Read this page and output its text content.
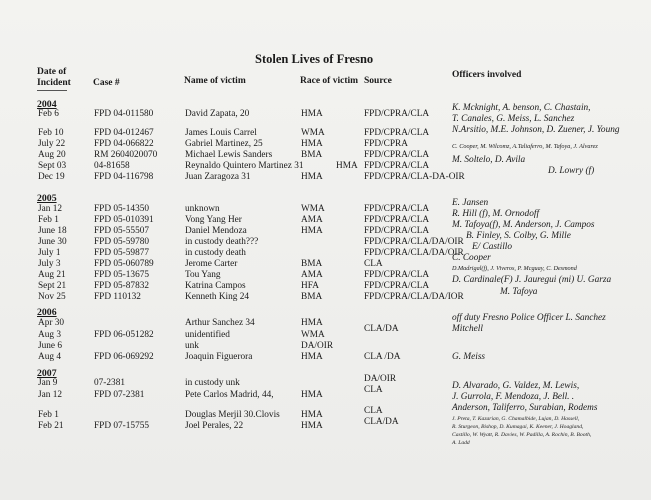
Stolen Lives of Fresno
Date of
Incident Case #	Name of victim	Race of victim Source
Officers involved
2004
2005
2006
2007
Feb 6
Feb 10
July 22
Aug 20
Sept 03
Dec 19
Jan 12
Feb 1
June 18
June 30
July 1
July 3
Aug 21
Sept 21
Nov 25
Apr 30
Aug 3
June 6
Aug 4
Jan 9
Jan 12
Feb 1
Feb 21
FPD 04-011580
FPD 04-012467
FPD 04-066822
RM 2604020070
04-81658
FPD 04-116798
FPD 05-14350
FPD 05-010391
FPD 05-55507
FPD 05-59780
FPD 05-59877
FPD 05-060789
FPD 05-13675
FPD 05-87832
FPD 110132
FPD 06-051282
FPD 06-069292
07-2381
FPD 07-2381
FPD 07-15755
David Zapata, 20
James Louis Carrel
Gabriel Martinez, 25
Michael Lewis Sanders
Reynaldo Quintero Martinez 31
Juan Zaragoza 31
unknown
Vong Yang Her
Daniel Mendoza
in custody death???
in custody death
Jerome Carter
Tou Yang
Katrina Campos
Kenneth King 24
Arthur Sanchez 34
unidentified
unk
Joaquin Figuerora
in custody unk
Pete Carlos Madrid, 44,
Douglas Merjil 30.Clovis
Joel Perales, 22
HMA
WMA
HMA
BMA
HMA
HMA
WMA
AMA
HMA
BMA
AMA
HFA
BMA
HMA
WMA
DA/OIR
HMA
HMA
HMA
HMA
FPD/CPRA/CLA
FPD/CPRA/CLA
FPD/CPRA
FPD/CPRA/CLA
FPD/CPRA/CLA
FPD/CPRA/CLA-DA-OIR
FPD/CPRA/CLA
FPD/CPRA/CLA
FPD/CPRA/CLA
FPD/CPRA/CLA/DA/OIR
FPD/CPRA/CLA/DA/OIR
CLA
FPD/CPRA/CLA
FPD/CPRA/CLA
FPD/CPRA/CLA/DA/IOR
CLA/DA
CLA /DA
DA/OIR
CLA
CLA
CLA/DA
K. Mcknight, A. benson, C. Chastain,
T. Canales, G. Meiss, L. Sanchez
N.Arsitio, M.E. Johnson, D. Zuener, J. Young
C. Cooper, M. Wilcomz, A.Taliaferro, M. Tafoya, J. Alvarez
M. Soltelo, D. Avila
D. Lowry (f)
E. Jansen
R. Hill (f), M. Ornodoff
M. Tafoya(f), M. Anderson, J. Campos
B. Finley, S. Colby, G. Mille
E/ Castillo
C. Cooper
D.Madrigal(f), J. Viveros, P. Mcguay, C. Desmond
D. Cardinale(F) J. Jauregui (mi) U. Garza
M. Tafoya
off duty Fresno Police Officer L. Sanchez
Mitchell
G. Meiss
D. Alvarado, G. Valdez, M. Lewis,
J. Gurrola, F. Mendoza, J. Bell. .
Anderson, Taliferro, Surabian, Rodems
J. Preta, T. Kazarian, G. Chamalbide, Lujan, D. Hassell,
R. Sturgeon, Bishop, D. Kumagai, K. Keener, J. Hoagland,
Castillo, W. Wyatt, R. Davies, W. Padilla, A. Rochin, B. Booth,
A. Ladd
